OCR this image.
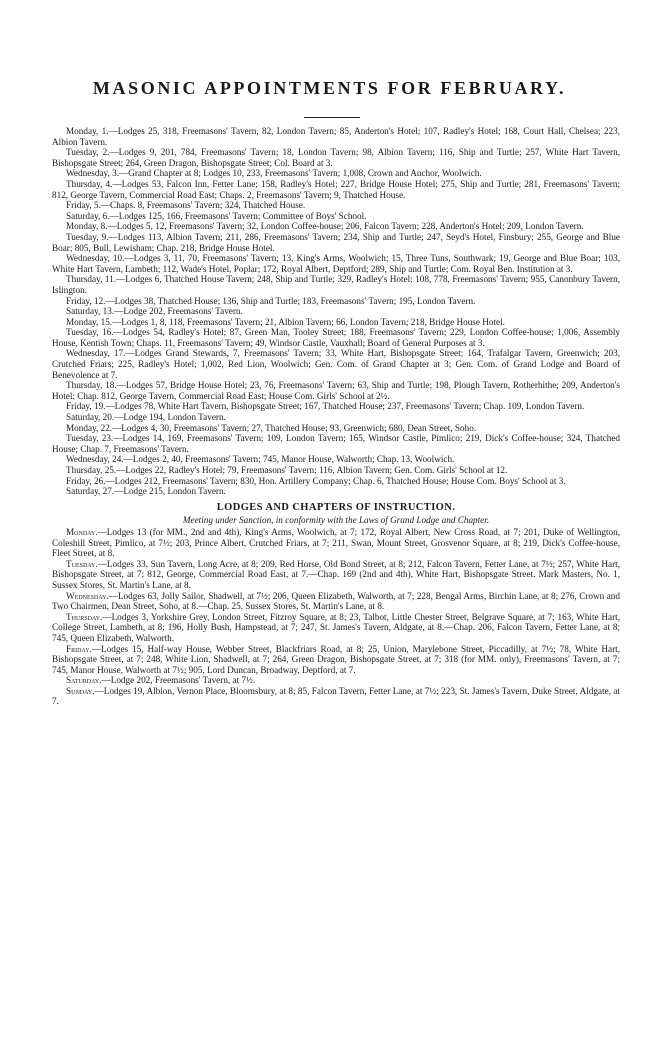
MASONIC APPOINTMENTS FOR FEBRUARY.

Monday, 1.—Lodges 25, 318, Freemasons' Tavern, 82, London Tavern; 85, Anderton's Hotel; 107, Radley's Hotel; 168, Court Hall, Chelsea; 223, Albion Tavern.

Tuesday, 2.—Lodges 9, 201, 784, Freemasons' Tavern; 18, London Tavern; 98, Albion Tavern; 116, Ship and Turtle; 257, White Hart Tavern, Bishopsgate Street; 264, Green Dragon, Bishopsgate Street; Col. Board at 3.

Wednesday, 3.—Grand Chapter at 8; Lodges 10, 233, Freemasons' Tavern; 1,008, Crown and Anchor, Woolwich.

Thursday, 4.—Lodges 53, Falcon Inn, Fetter Lane; 158, Radley's Hotel; 227, Bridge House Hotel; 275, Ship and Turtle; 281, Freemasons' Tavern; 812, George Tavern, Commercial Road East; Chaps. 2, Freemasons' Tavern; 9, Thatched House.

Friday, 5.—Chaps. 8, Freemasons' Tavern; 324, Thatched House.

Saturday, 6.—Lodges 125, 166, Freemasons' Tavern; Committee of Boys' School.

Monday, 8.—Lodges 5, 12, Freemasons' Tavern; 32, London Coffee-house; 206, Falcon Tavern; 228, Anderton's Hotel; 209, London Tavern.

Tuesday, 9.—Lodges 113, Albion Tavern; 211, 286, Freemasons' Tavern; 234, Ship and Turtle; 247, Seyd's Hotel, Finsbury; 255, George and Blue Boar; 805, Bull, Lewisham; Chap. 218, Bridge House Hotel.

Wednesday, 10.—Lodges 3, 11, 70, Freemasons' Tavern; 13, King's Arms, Woolwich; 15, Three Tuns, Southwark; 19, George and Blue Boar; 103, White Hart Tavern, Lambeth; 112, Wade's Hotel, Poplar; 172, Royal Albert, Deptford; 289, Ship and Turtle; Com. Royal Ben. Institution at 3.

Thursday, 11.—Lodges 6, Thatched House Tavern; 248, Ship and Turtle; 329, Radley's Hotel; 108, 778, Freemasons' Tavern; 955, Canonbury Tavern, Islington.

Friday, 12.—Lodges 38, Thatched House; 136, Ship and Turtle; 183, Freemasons' Tavern; 195, London Tavern.

Saturday, 13.—Lodge 202, Freemasons' Tavern.

Monday, 15.—Lodges 1, 8, 118, Freemasons' Tavern; 21, Albion Tavern; 66, London Tavern; 218, Bridge House Hotel.

Tuesday, 16.—Lodges 54, Radley's Hotel; 87, Green Man, Tooley Street; 188, Freemasons' Tavern; 229, London Coffee-house; 1,006, Assembly House, Kentish Town; Chaps. 11, Freemasons' Tavern; 49, Windsor Castle, Vauxhall; Board of General Purposes at 3.

Wednesday, 17.—Lodges Grand Stewards, 7, Freemasons' Tavern; 33, White Hart, Bishopsgate Street; 164, Trafalgar Tavern, Greenwich; 203, Crutched Friars; 225, Radley's Hotel; 1,002, Red Lion, Woolwich; Gen. Com. of Grand Chapter at 3; Gen. Com. of Grand Lodge and Board of Benevolence at 7.

Thursday, 18.—Lodges 57, Bridge House Hotel; 23, 76, Freemasons' Tavern; 63, Ship and Turtle; 198, Plough Tavern, Rotherhithe; 209, Anderton's Hotel; Chap. 812, George Tavern, Commercial Road East; House Com. Girls' School at 2½.

Friday, 19.—Lodges 78, White Hart Tavern, Bishopsgate Street; 167, Thatched House; 237, Freemasons' Tavern; Chap. 109, London Tavern.

Saturday, 20.—Lodge 194, London Tavern.

Monday, 22.—Lodges 4, 30, Freemasons' Tavern; 27, Thatched House; 93, Greenwich; 680, Dean Street, Soho.

Tuesday, 23.—Lodges 14, 169, Freemasons' Tavern; 109, London Tavern; 165, Windsor Castle, Pimlico; 219, Dick's Coffee-house; 324, Thatched House; Chap. 7, Freemasons' Tavern.

Wednesday, 24.—Lodges 2, 40, Freemasons' Tavern; 745, Manor House, Walworth; Chap. 13, Woolwich.

Thursday, 25.—Lodges 22, Radley's Hotel; 79, Freemasons' Tavern; 116, Albion Tavern; Gen. Com. Girls' School at 12.

Friday, 26.—Lodges 212, Freemasons' Tavern; 830, Hon. Artillery Company; Chap. 6, Thatched House; House Com. Boys' School at 3.

Saturday, 27.—Lodge 215, London Tavern.

LODGES AND CHAPTERS OF INSTRUCTION.

Meeting under Sanction, in conformity with the Laws of Grand Lodge and Chapter.

Monday.—Lodges 13 (for MM., 2nd and 4th), King's Arms, Woolwich, at 7; 172, Royal Albert, New Cross Road, at 7; 201, Duke of Wellington, Coleshill Street, Pimlico, at 7½; 203, Prince Albert, Crutched Friars, at 7; 211, Swan, Mount Street, Grosvenor Square, at 8; 219, Dick's Coffee-house, Fleet Street, at 8.

Tuesday.—Lodges 33, Sun Tavern, Long Acre, at 8; 209, Red Horse, Old Bond Street, at 8; 212, Falcon Tavern, Fetter Lane, at 7½; 257, White Hart, Bishopsgate Street, at 7; 812, George, Commercial Road East, at 7.—Chap. 169 (2nd and 4th), White Hart, Bishopsgate Street. Mark Masters, No. 1, Sussex Stores, St. Martin's Lane, at 8.

Wednesday.—Lodges 63, Jolly Sailor, Shadwell, at 7½; 206, Queen Elizabeth, Walworth, at 7; 228, Bengal Arms, Birchin Lane, at 8; 276, Crown and Two Chairmen, Dean Street, Soho, at 8.—Chap. 25, Sussex Stores, St. Martin's Lane, at 8.

Thursday.—Lodges 3, Yorkshire Grey, London Street, Fitzroy Square, at 8; 23, Talbot, Little Chester Street, Belgrave Square, at 7; 163, White Hart, College Street, Lambeth, at 8; 196, Holly Bush, Hampstead, at 7; 247, St. James's Tavern, Aldgate, at 8.—Chap. 206, Falcon Tavern, Fetter Lane, at 8; 745, Queen Elizabeth, Walworth.

Friday.—Lodges 15, Half-way House, Webber Street, Blackfriars Road, at 8; 25, Union, Marylebone Street, Piccadilly, at 7½; 78, White Hart, Bishopsgate Street, at 7; 248, White Lion, Shadwell, at 7; 264, Green Dragon, Bishopsgate Street, at 7; 318 (for MM. only), Freemasons' Tavern, at 7; 745, Manor House, Walworth at 7½; 905, Lord Duncan, Broadway, Deptford, at 7.

Saturday.—Lodge 202, Freemasons' Tavern, at 7½.

Sunday.—Lodges 19, Albion, Vernon Place, Bloomsbury, at 8; 85, Falcon Tavern, Fetter Lane, at 7½; 223, St. James's Tavern, Duke Street, Aldgate, at 7.
